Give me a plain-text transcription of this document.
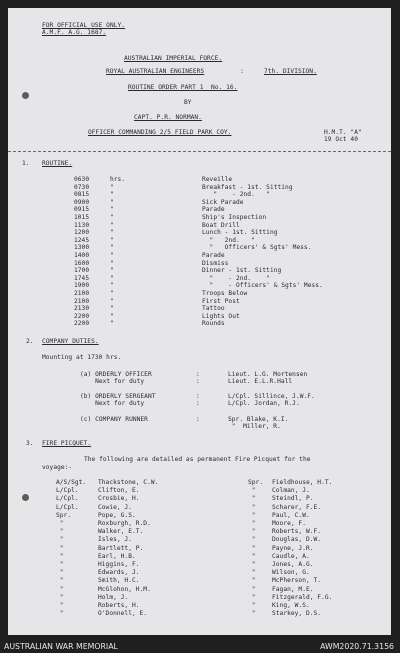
FOR OFFICIAL USE ONLY.
A.M.F. A.G. 1687.
AUSTRALIAN IMPERIAL FORCE.
ROYAL AUSTRALIAN ENGINEERS	:	7th. DIVISION.
ROUTINE ORDER PART 1  No. 16.
BY
CAPT. P.R. NORMAN.
OFFICER COMMANDING 2/5 FIELD PARK COY.	H.M.T. "A"
19 Oct 40
1. ROUTINE.
0630	hrs.	Reveille
0730	"	Breakfast - 1st. Sitting
0815	"	"    - 2nd.   "
0900	"	Sick Parade
0915	"	Parade
1015	"	Ship's Inspection
1130	"	Boat Drill
1200	"	Lunch - 1st. Sitting
1245	"	"   2nd.   "
1300	"	"   Officers' & Sgts' Mess.
1400	"	Parade
1600	"	Dismiss
1700	"	Dinner - 1st. Sitting
1745	"	"    - 2nd.    "
1900	"	"    - Officers' & Sgts' Mess.
2100	"	Troops Below
2100	"	First Post
2130	"	Tattoo
2200	"	Lights Out
2200	"	Rounds
2. COMPANY DUTIES.
Mounting at 1730 hrs.
(a) ORDERLY OFFICER	:	Lieut. L.G. Mortensen
Next for duty	:	Lieut. E.L.R.Hall
(b) ORDERLY SERGEANT	:	L/Cpl. Sillince, J.W.F.
Next for duty	:	L/Cpl. Jordan, R.J.
(c) COMPANY RUNNER	:	Spr. Blake, K.I.
"  Miller, R.
3. FIRE PICQUET.
The following are detailed as permanent Fire Picquet for the
voyage:-
A/S/Sgt. Thackstone, C.W.
L/Cpl.	Clifton, E.
L/Cpl.	Crosbie, H.
L/Cpl.	Cowie, J.
Spr.	Pope, G.S.
"	Roxburgh, R.D.
"	Walker, E.T.
"	Isles, J.
"	Bartlett, P.
"	Earl, H.B.
"	Higgins, F.
"	Edwards, J.
"	Smith, H.C.
"	McGlohon, H.M.
"	Holm, J.
"	Roberts, H.
"	O'Donnell, E.
Spr. Fieldhouse, H.T.
"	Colman, J.
"	Steindl, P.
"	Scharer, F.E.
"	Paul, C.W.
"	Moore, F.
"	Roberts, W.F.
"	Douglas, D.W.
"	Payne, J.R.
"	Caudle, A.
"	Jones, A.G.
"	Wilson, G.
"	McPherson, T.
"	Fagan, M.E.
"	Fitzgerald, F.G.
"	King, W.S.
"	Starkey, D.S.
AUSTRALIAN WAR MEMORIAL	AWM2020.71.3156
